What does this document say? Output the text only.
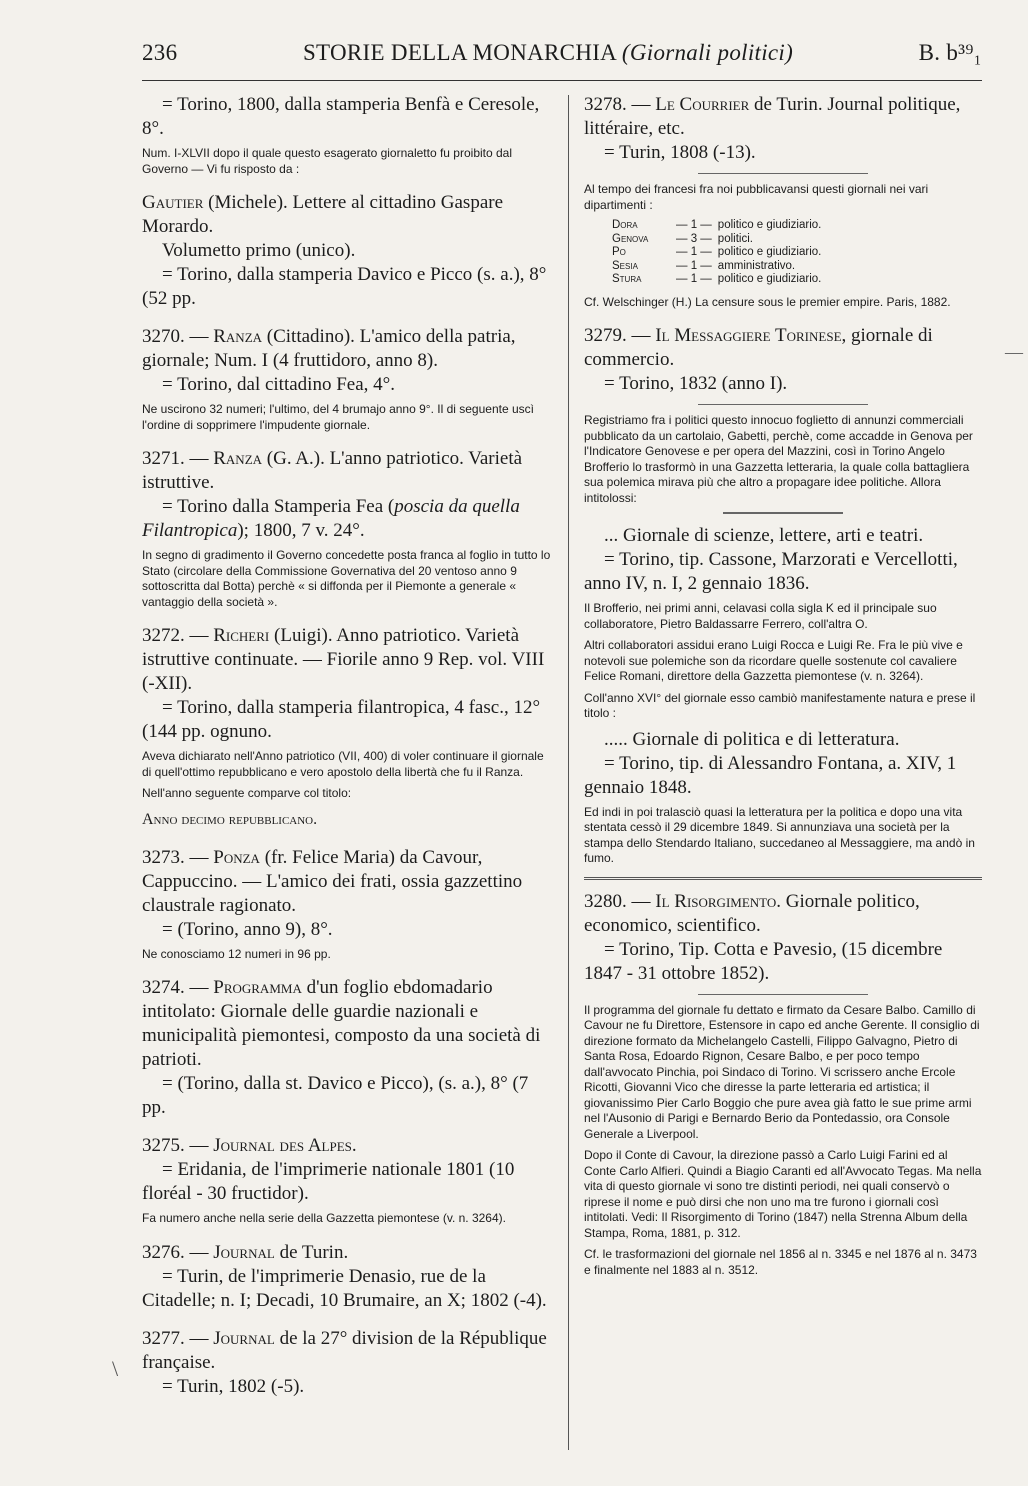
236	STORIE DELLA MONARCHIA (Giornali politici)	B. b³⁹₁

= Torino, 1800, dalla stamperia Benfà e Ceresole, 8°.

Num. I-XLVII dopo il quale questo esagerato giornaletto fu proibito dal Governo — Vi fu risposto da :

Gautier (Michele). Lettere al cittadino Gaspare Morardo.

Volumetto primo (unico).

= Torino, dalla stamperia Davico e Picco (s. a.), 8° (52 pp.

3270. — Ranza (Cittadino). L'amico della patria, giornale; Num. I (4 fruttidoro, anno 8).

= Torino, dal cittadino Fea, 4°.

Ne uscirono 32 numeri; l'ultimo, del 4 brumajo anno 9°. Il di seguente uscì l'ordine di sopprimere l'impudente giornale.

3271. — Ranza (G. A.). L'anno patriotico. Varietà istruttive.

= Torino dalla Stamperia Fea (poscia da quella Filantropica); 1800, 7 v. 24°.

In segno di gradimento il Governo concedette posta franca al foglio in tutto lo Stato (circolare della Commissione Governativa del 20 ventoso anno 9 sottoscritta dal Botta) perchè « si diffonda per il Piemonte a generale « vantaggio della società ».

3272. — Richeri (Luigi). Anno patriotico. Varietà istruttive continuate. — Fiorile anno 9 Rep. vol. VIII (-XII).

= Torino, dalla stamperia filantropica, 4 fasc., 12° (144 pp. ognuno.

Aveva dichiarato nell'Anno patriotico (VII, 400) di voler continuare il giornale di quell'ottimo repubblicano e vero apostolo della libertà che fu il Ranza.

Nell'anno seguente comparve col titolo:

Anno decimo repubblicano.

3273. — Ponza (fr. Felice Maria) da Cavour, Cappuccino. — L'amico dei frati, ossia gazzettino claustrale ragionato.

= (Torino, anno 9), 8°.

Ne conosciamo 12 numeri in 96 pp.

3274. — Programma d'un foglio ebdomadario intitolato: Giornale delle guardie nazionali e municipalità piemontesi, composto da una società di patrioti.

= (Torino, dalla st. Davico e Picco), (s. a.), 8° (7 pp.

3275. — Journal des Alpes.

= Eridania, de l'imprimerie nationale 1801 (10 floréal - 30 fructidor).

Fa numero anche nella serie della Gazzetta piemontese (v. n. 3264).

3276. — Journal de Turin.

= Turin, de l'imprimerie Denasio, rue de la Citadelle; n. I; Decadi, 10 Brumaire, an X; 1802 (-4).

3277. — Journal de la 27° division de la République française.

= Turin, 1802 (-5).

3278. — Le Courrier de Turin. Journal politique, littéraire, etc.

= Turin, 1808 (-13).

Al tempo dei francesi fra noi pubblicavansi questi giornali nei vari dipartimenti :

Dora	— 1 —	politico e giudiziario.
Genova	— 3 —	politici.
Po	— 1 —	politico e giudiziario.
Sesia	— 1 —	amministrativo.
Stura	— 1 —	politico e giudiziario.

Cf. Welschinger (H.) La censure sous le premier empire. Paris, 1882.

3279. — Il Messaggiere Torinese, giornale di commercio.

= Torino, 1832 (anno I).

Registriamo fra i politici questo innocuo foglietto di annunzi commerciali pubblicato da un cartolaio, Gabetti, perchè, come accadde in Genova per l'Indicatore Genovese e per opera del Mazzini, così in Torino Angelo Brofferio lo trasformò in una Gazzetta letteraria, la quale colla battagliera sua polemica mirava più che altro a propagare idee politiche. Allora intitolossi:

... Giornale di scienze, lettere, arti e teatri.

= Torino, tip. Cassone, Marzorati e Vercellotti, anno IV, n. I, 2 gennaio 1836.

Il Brofferio, nei primi anni, celavasi colla sigla K ed il principale suo collaboratore, Pietro Baldassarre Ferrero, coll'altra O.

Altri collaboratori assidui erano Luigi Rocca e Luigi Re. Fra le più vive e notevoli sue polemiche son da ricordare quelle sostenute col cavaliere Felice Romani, direttore della Gazzetta piemontese (v. n. 3264).

Coll'anno XVI° del giornale esso cambiò manifestamente natura e prese il titolo :

..... Giornale di politica e di letteratura.

= Torino, tip. di Alessandro Fontana, a. XIV, 1 gennaio 1848.

Ed indi in poi tralasciò quasi la letteratura per la politica e dopo una vita stentata cessò il 29 dicembre 1849. Si annunziava una società per la stampa dello Stendardo Italiano, succedaneo al Messaggiere, ma andò in fumo.

3280. — Il Risorgimento. Giornale politico, economico, scientifico.

= Torino, Tip. Cotta e Pavesio, (15 dicembre 1847 - 31 ottobre 1852).

Il programma del giornale fu dettato e firmato da Cesare Balbo. Camillo di Cavour ne fu Direttore, Estensore in capo ed anche Gerente. Il consiglio di direzione formato da Michelangelo Castelli, Filippo Galvagno, Pietro di Santa Rosa, Edoardo Rignon, Cesare Balbo, e per poco tempo dall'avvocato Pinchia, poi Sindaco di Torino. Vi scrissero anche Ercole Ricotti, Giovanni Vico che diresse la parte letteraria ed artistica; il giovanissimo Pier Carlo Boggio che pure avea già fatto le sue prime armi nel l'Ausonio di Parigi e Bernardo Berio da Pontedassio, ora Console Generale a Liverpool.

Dopo il Conte di Cavour, la direzione passò a Carlo Luigi Farini ed al Conte Carlo Alfieri. Quindi a Biagio Caranti ed all'Avvocato Tegas. Ma nella vita di questo giornale vi sono tre distinti periodi, nei quali conservò o riprese il nome e può dirsi che non uno ma tre furono i giornali così intitolati. Vedi: Il Risorgimento di Torino (1847) nella Strenna Album della Stampa, Roma, 1881, p. 312.

Cf. le trasformazioni del giornale nel 1856 al n. 3345 e nel 1876 al n. 3473 e finalmente nel 1883 al n. 3512.

\
—
